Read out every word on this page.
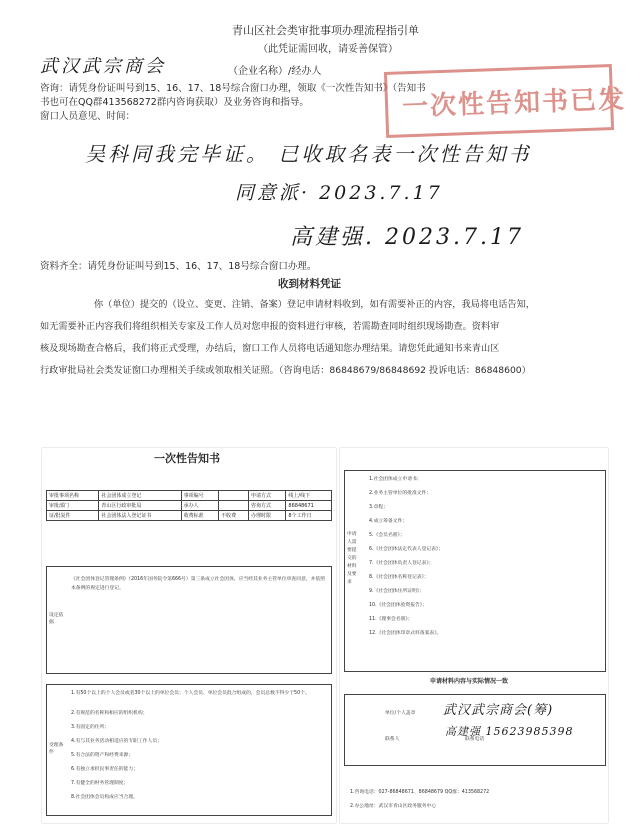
青山区社会类审批事项办理流程指引单
（此凭证需回收，请妥善保管）
武汉武宗商会	（企业名称）/经办人
咨询：请凭身份证叫号到15、16、17、18号综合窗口办理，领取《一次性告知书》（告知书
书也可在QQ群413568272群内咨询获取）及业务咨询和指导。
窗口人员意见、时间：	一次性告知书已发
吴科同我完毕证。 已收取名表一次性告知书
同意派· 2023.7.17
高建强. 2023.7.17
资料齐全：请凭身份证叫号到15、16、17、18号综合窗口办理。
收到材料凭证
你（单位）提交的（设立、变更、注销、备案）登记申请材料收到，如有需要补正的内容，我局将电话告知，
如无需要补正内容我们将组织相关专家及工作人员对您申报的资料进行审核，若需勘查同时组织现场勘查。资料审
核及现场勘查合格后，我们将正式受理，办结后，窗口工作人员将电话通知您办理结果。请您凭此通知书来青山区
行政审批局社会类发证窗口办理相关手续或领取相关证照。（咨询电话：86848679/86848692 投诉电话：86848600）
一次性告知书
审批事项名称	社会团体成立登记	事项编号		申请方式	线上/线下
审批部门	青山区行政审批局	承办人		咨询方式	86848671
证/批复件	社会团体法人登记证书	收费标准	不收费	办理时限	8个工作日
设定依据
《社会团体登记管理条例》（2016年国务院令第666号）第三条成立社会团体，应当经其业务主管单位审查同意，并依照本条例的规定进行登记。
受理条件
1.有50个以上的个人会员或者30个以上的单位会员；个人会员、单位会员混合组成的，会员总数不得少于50个。
2.有规范的名称和相应的组织机构；
3.有固定的住所；
4.有与其业务活动相适应的专职工作人员；
5.有合法的资产和经费来源；
6.有独立承担民事责任的能力；
7.有健全的财务管理制度；
8.社会团体会员构成应当合理。
申请人需要提交的材料及要求
1.社会团体成立申请书；
2.业务主管单位的批准文件；
3.章程；
4.成立筹备文件；
5.《会员名册》；
6.《社会团体法定代表人登记表》；
7.《社会团体负责人登记表》；
8.《社会团体名称登记表》；
9.《社会团体住所证明》；
10.《社会团体验资报告》；
11.《理事会名册》；
12.《社会团体印章式样备案表》。
申请材料内容与实际情况一致
单位/个人盖章
联系人	联系电话
武汉武宗商会(筹)
高建强 15623985398
1.咨询电话：027-86848671、86848679 QQ群：413568272
2.办公地址：武汉市青山区政务服务中心
